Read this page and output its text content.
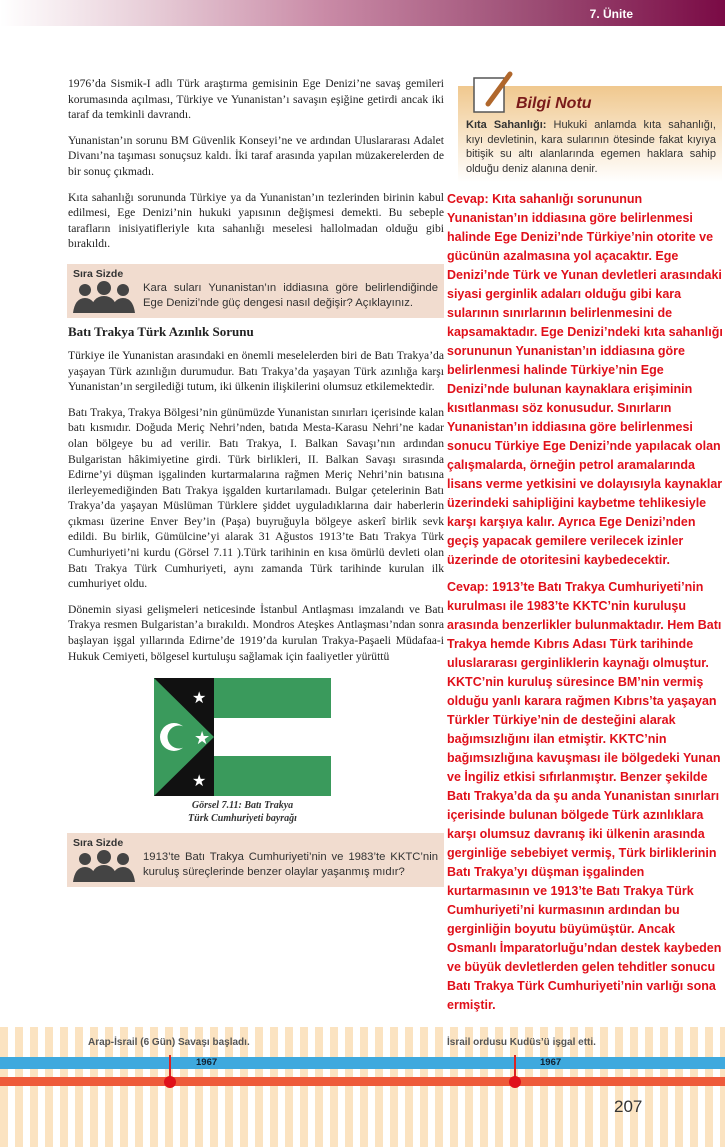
7. Ünite

1976’da Sismik-I adlı Türk araştırma gemisinin Ege Denizi’ne savaş gemileri korumasında açılması, Türkiye ve Yunanistan’ı savaşın eşiğine getirdi ancak iki taraf da temkinli davrandı.

Yunanistan’ın sorunu BM Güvenlik Konseyi’ne ve ardından Uluslararası Adalet Divanı’na taşıması sonuçsuz kaldı. İki taraf arasında yapılan müzakerelerden de bir sonuç çıkmadı.

Kıta sahanlığı sorununda Türkiye ya da Yunanistan’ın tezlerinden birinin kabul edilmesi, Ege Denizi’nin hukuki yapısının değişmesi demekti. Bu sebeple tarafların inisiyatifleriyle kıta sahanlığı meselesi hallolmadan olduğu gibi bırakıldı.

Sıra Sizde
Kara suları Yunanistan’ın iddiasına göre belirlendiğinde Ege Denizi’nde güç dengesi nasıl değişir? Açıklayınız.
Batı Trakya Türk Azınlık Sorunu

Türkiye ile Yunanistan arasındaki en önemli meselelerden biri de Batı Trakya’da yaşayan Türk azınlığın durumudur. Batı Trakya’da yaşayan Türk azınlığa karşı Yunanistan’ın sergilediği tutum, iki ülkenin ilişkilerini olumsuz etkilemektedir.

Batı Trakya, Trakya Bölgesi’nin günümüzde Yunanistan sınırları içerisinde kalan batı kısmıdır. Doğuda Meriç Nehri’nden, batıda Mesta-Karasu Nehri’ne kadar olan bölgeye bu ad verilir. Batı Trakya, I. Balkan Savaşı’nın ardından Bulgaristan hâkimiyetine girdi. Türk birlikleri, II. Balkan Savaşı sırasında Edirne’yi düşman işgalinden kurtarmalarına rağmen Meriç Nehri’nin batısına ilerleyemediğinden Batı Trakya işgalden kurtarılamadı. Bulgar çetelerinin Batı Trakya’da yaşayan Müslüman Türklere şiddet uyguladıklarına dair haberlerin çıkması üzerine Enver Bey’in (Paşa) buyruğuyla bölgeye askerî birlik sevk edildi. Bu birlik, Gümülcine’yi alarak 31 Ağustos 1913’te Batı Trakya Türk Cumhuriyeti’ni kurdu (Görsel 7.11 ).Türk tarihinin en kısa ömürlü devleti olan Batı Trakya Türk Cumhuriyeti, aynı zamanda Türk tarihinde kurulan ilk cumhuriyet oldu.

Dönemin siyasi gelişmeleri neticesinde İstanbul Antlaşması imzalandı ve Batı Trakya resmen Bulgaristan’a bırakıldı. Mondros Ateşkes Antlaşması’ndan sonra başlayan işgal yıllarında Edirne’de 1919’da kurulan Trakya-Paşaeli Müdafaa-i Hukuk Cemiyeti, bölgesel kurtuluşu sağlamak için faaliyetler yürüttü

★
★
★
Görsel 7.11: Batı Trakya
Türk Cumhuriyeti bayrağı
Sıra Sizde
1913’te Batı Trakya Cumhuriyeti’nin ve 1983’te KKTC’nin kuruluş süreçlerinde benzer olaylar yaşanmış mıdır?
Bilgi Notu

Kıta Sahanlığı: Hukuki anlamda kıta sahanlığı, kıyı devletinin, kara sularının ötesinde fakat kıyıya bitişik su altı alanlarında egemen haklara sahip olduğu deniz alanına denir.

Cevap: Kıta sahanlığı sorununun Yunanistan’ın iddiasına göre belirlenmesi halinde Ege Denizi’nde Türkiye’nin otorite ve gücünün azalmasına yol açacaktır. Ege Denizi’nde Türk ve Yunan devletleri arasındaki siyasi gerginlik adaları olduğu gibi kara sularının sınırlarının belirlenmesini de kapsamaktadır. Ege Denizi’ndeki kıta sahanlığı sorununun Yunanistan’ın iddiasına göre belirlenmesi halinde Türkiye’nin Ege Denizi’nde bulunan kaynaklara erişiminin kısıtlanması söz konusudur. Sınırların Yunanistan’ın iddiasına göre belirlenmesi sonucu Türkiye Ege Denizi’nde yapılacak olan çalışmalarda, örneğin petrol aramalarında lisans verme yetkisini ve dolayısıyla kaynaklar üzerindeki sahipliğini kaybetme tehlikesiyle karşı karşıya kalır. Ayrıca Ege Denizi’nden geçiş yapacak gemilere verilecek izinler üzerinde de otoritesini kaybedecektir.

Cevap: 1913’te Batı Trakya Cumhuriyeti’nin kurulması ile 1983’te KKTC’nin kuruluşu arasında benzerlikler bulunmaktadır. Hem Batı Trakya hemde Kıbrıs Adası Türk tarihinde uluslararası gerginliklerin kaynağı olmuştur. KKTC’nin kuruluş süresince BM’nin vermiş olduğu yanlı karara rağmen Kıbrıs’ta yaşayan Türkler Türkiye’nin de desteğini alarak bağımsızlığını ilan etmiştir. KKTC’nin bağımsızlığına kavuşması ile bölgedeki Yunan ve İngiliz etkisi sıfırlanmıştır. Benzer şekilde Batı Trakya’da da şu anda Yunanistan sınırları içerisinde bulunan bölgede Türk azınlıklara karşı olumsuz davranış iki ülkenin arasında gerginliğe sebebiyet vermiş, Türk birliklerinin Batı Trakya’yı düşman işgalinden kurtarmasının ve 1913’te Batı Trakya Türk Cumhuriyeti’ni kurmasının ardından bu gerginliğin boyutu büyümüştür. Ancak Osmanlı İmparatorluğu’ndan destek kaybeden ve büyük devletlerden gelen tehditler sonucu Batı Trakya Türk Cumhuriyeti’nin varlığı sona ermiştir.

Arap-İsrail (6 Gün) Savaşı başladı.	İsrail ordusu Kudüs’ü işgal etti.
1967	1967
207
